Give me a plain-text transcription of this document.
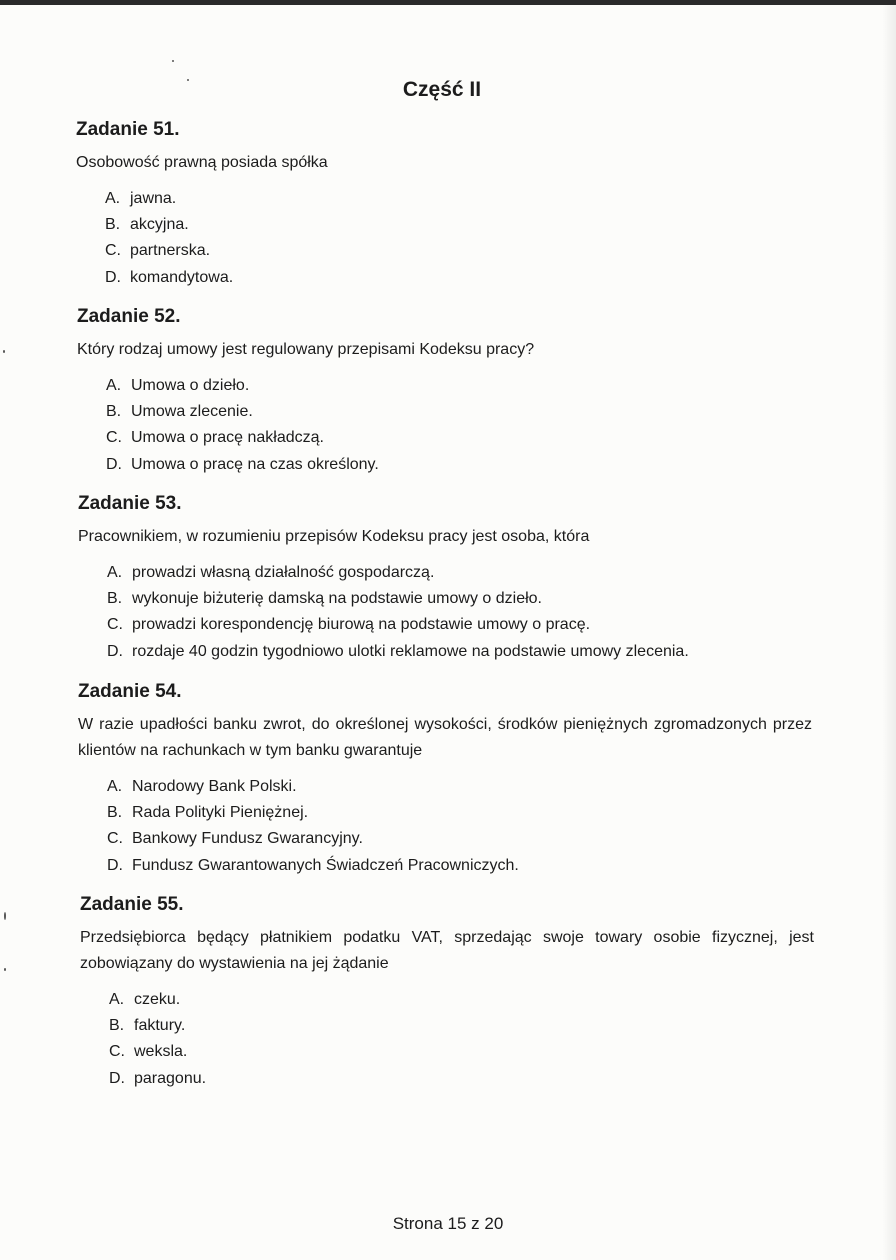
Część II
Zadanie 51.

Osobowość prawną posiada spółka

A. jawna.
B. akcyjna.
C. partnerska.
D. komandytowa.
Zadanie 52.

Który rodzaj umowy jest regulowany przepisami Kodeksu pracy?

A. Umowa o dzieło.
B. Umowa zlecenie.
C. Umowa o pracę nakładczą.
D. Umowa o pracę na czas określony.
Zadanie 53.

Pracownikiem, w rozumieniu przepisów Kodeksu pracy jest osoba, która

A. prowadzi własną działalność gospodarczą.
B. wykonuje biżuterię damską na podstawie umowy o dzieło.
C. prowadzi korespondencję biurową na podstawie umowy o pracę.
D. rozdaje 40 godzin tygodniowo ulotki reklamowe na podstawie umowy zlecenia.
Zadanie 54.

W razie upadłości banku zwrot, do określonej wysokości, środków pieniężnych zgromadzonych przez klientów na rachunkach w tym banku gwarantuje

A. Narodowy Bank Polski.
B. Rada Polityki Pieniężnej.
C. Bankowy Fundusz Gwarancyjny.
D. Fundusz Gwarantowanych Świadczeń Pracowniczych.
Zadanie 55.

Przedsiębiorca będący płatnikiem podatku VAT, sprzedając swoje towary osobie fizycznej, jest zobowiązany do wystawienia na jej żądanie

A. czeku.
B. faktury.
C. weksla.
D. paragonu.

Strona 15 z 20
